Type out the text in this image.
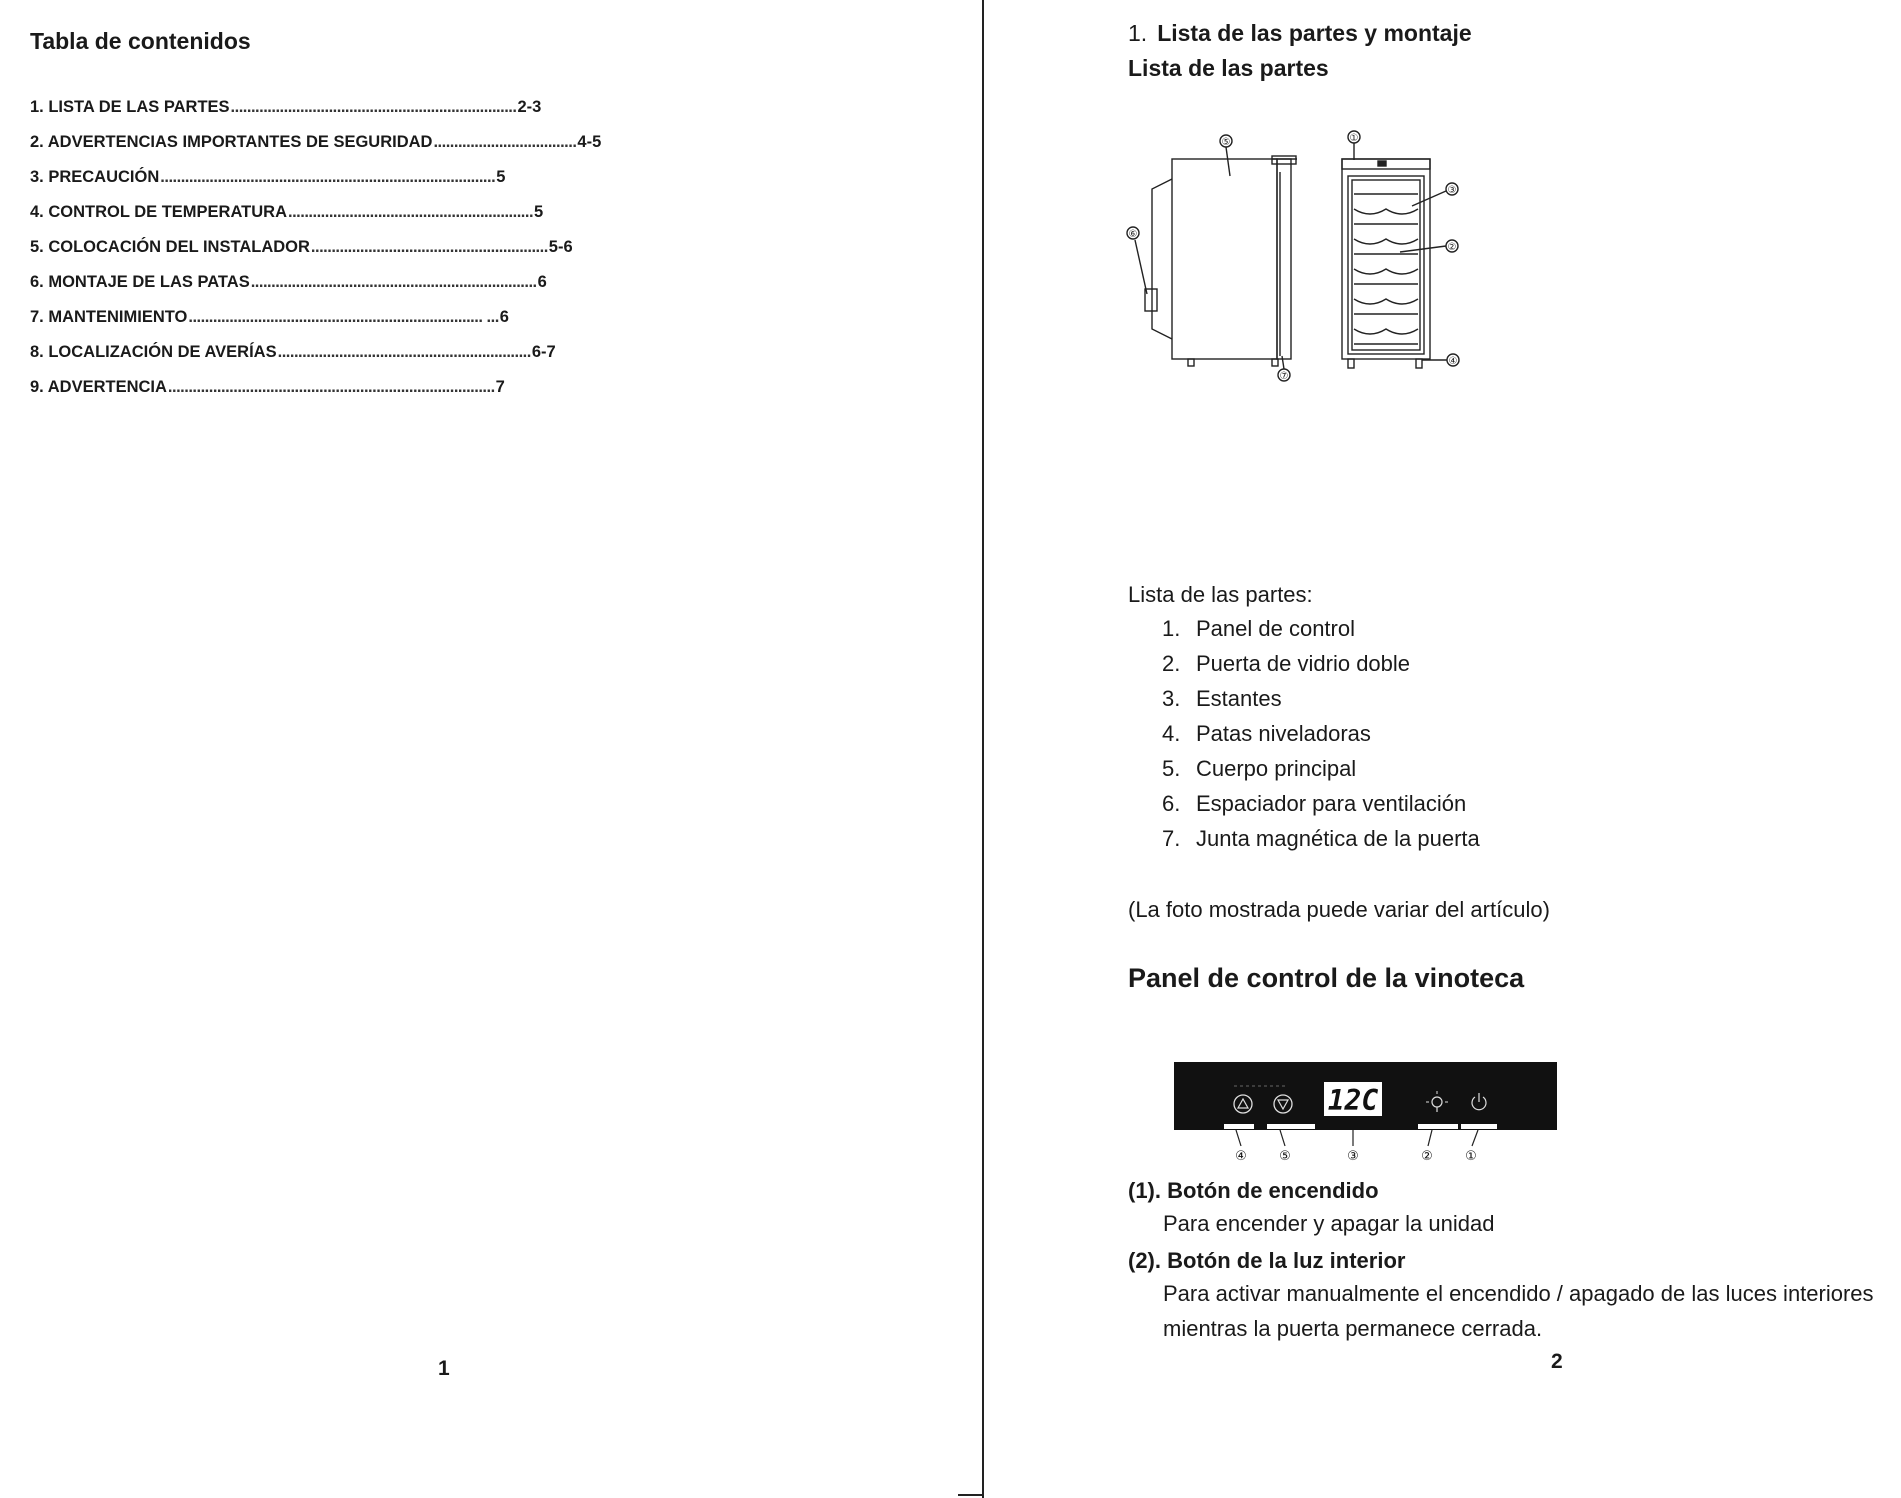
Tabla de contenidos
1. LISTA DE LAS PARTES ...................................................................... 2-3
2. ADVERTENCIAS IMPORTANTES DE SEGURIDAD ................................... 4-5
3. PRECAUCIÓN .................................................................................. 5
4. CONTROL DE TEMPERATURA ............................................................ 5
5. COLOCACIÓN DEL INSTALADOR .......................................................... 5-6
6. MONTAJE DE LAS PATAS ...................................................................... 6
7. MANTENIMIENTO ........................................................................ ... 6
8. LOCALIZACIÓN DE AVERÍAS .............................................................. 6-7
9. ADVERTENCIA ................................................................................ 7
1
1. Lista de las partes y montaje
Lista de las partes
⑤
⑥
⑦
①
③
②
④
Lista de las partes:
1. Panel de control
2. Puerta de vidrio doble
3. Estantes
4. Patas niveladoras
5. Cuerpo principal
6. Espaciador para ventilación
7. Junta magnética de la puerta
(La foto mostrada puede variar del artículo)
Panel de control de la vinoteca
12C
④ ⑤	③	② ①
(1). Botón de encendido
Para encender y apagar la unidad
(2). Botón de la luz interior
Para activar manualmente el encendido / apagado de las luces interiores
mientras la puerta permanece cerrada.
2
